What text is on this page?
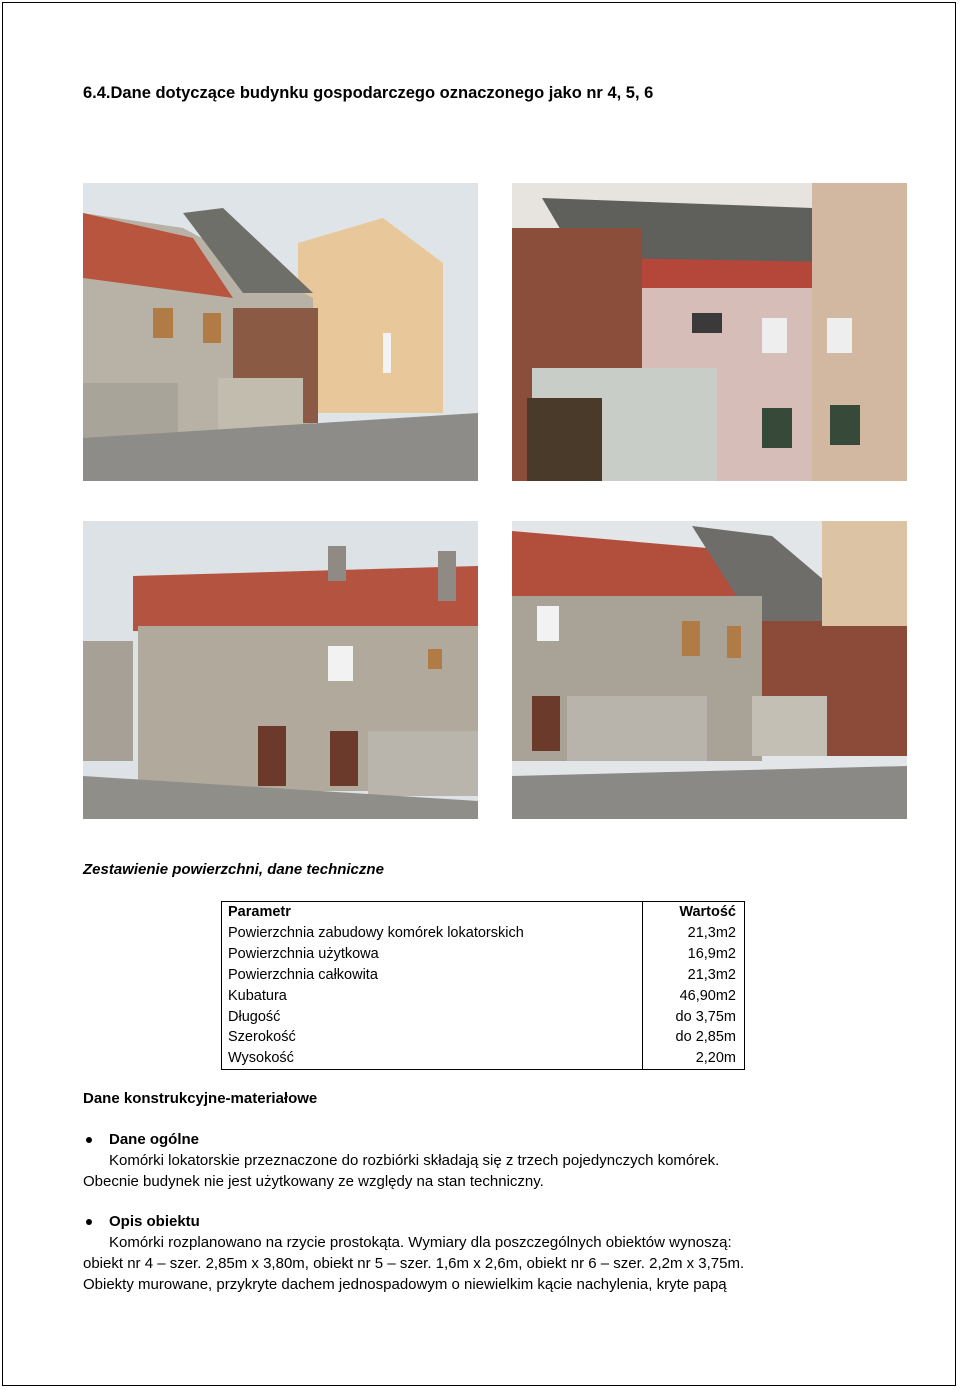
6.4.Dane dotyczące budynku gospodarczego oznaczonego jako nr 4, 5, 6
Zestawienie powierzchni, dane techniczne
Parametr	Wartość
Powierzchnia zabudowy komórek lokatorskich	21,3m2
Powierzchnia użytkowa	16,9m2
Powierzchnia całkowita	21,3m2
Kubatura	46,90m2
Długość	do 3,75m
Szerokość	do 2,85m
Wysokość	2,20m
Dane konstrukcyjne-materiałowe
Dane ogólne
Komórki lokatorskie przeznaczone do rozbiórki składają się z trzech pojedynczych komórek.
Obecnie budynek nie jest użytkowany ze względy na stan techniczny.
Opis obiektu
Komórki rozplanowano na rzycie prostokąta. Wymiary dla poszczególnych obiektów wynoszą:
obiekt nr 4 – szer. 2,85m x 3,80m, obiekt nr 5 – szer. 1,6m x 2,6m, obiekt nr 6 – szer. 2,2m x 3,75m.
Obiekty murowane, przykryte dachem jednospadowym o niewielkim kącie nachylenia, kryte papą
